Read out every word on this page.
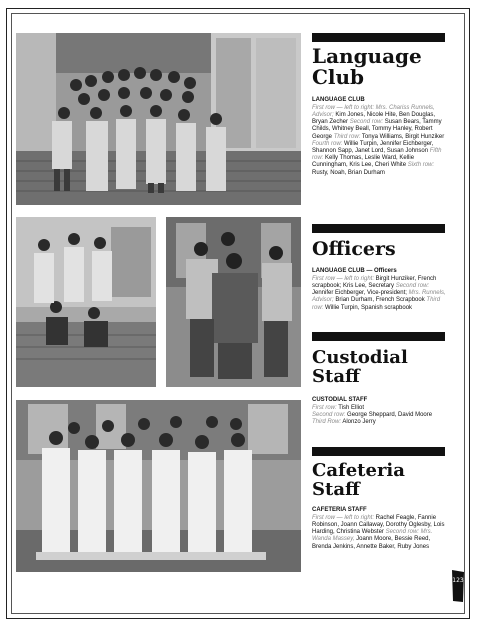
Language
Club
LANGUAGE CLUB
First row — left to right: Mrs. Chariss Runnels, Advisor; Kim Jones, Nicole Hite, Ben Douglas, Bryan Zecher Second row: Susan Bears, Tammy Childs, Whitney Beall, Tommy Hanley, Robert George Third row: Tonya Williams, Birgit Hunziker Fourth row: Willie Turpin, Jennifer Eichberger, Shannon Sapp, Janet Lord, Susan Johnson Fifth row: Kelly Thomas, Leslie Ward, Kellie Cunningham, Kris Lee, Cheri White Sixth row: Rusty, Noah, Brian Durham
Officers
LANGUAGE CLUB — Officers
First row — left to right: Birgit Hunziker, French scrapbook; Kris Lee, Secretary Second row: Jennifer Eichberger, Vice-president; Mrs. Runnels, Advisor; Brian Durham, French Scrapbook Third row: Willie Turpin, Spanish scrapbook
Custodial
Staff
CUSTODIAL STAFF
First row: Tish Elliot
Second row: George Sheppard, David Moore
Third Row: Alonzo Jerry
Cafeteria
Staff
CAFETERIA STAFF
First row — left to right: Rachel Feagle, Fannie Robinson, Joann Callaway, Dorothy Oglesby, Lois Harding, Christina Webster Second row: Mrs. Wanda Massey, Joann Moore, Bessie Reed, Brenda Jenkins, Annette Baker, Ruby Jones
123
